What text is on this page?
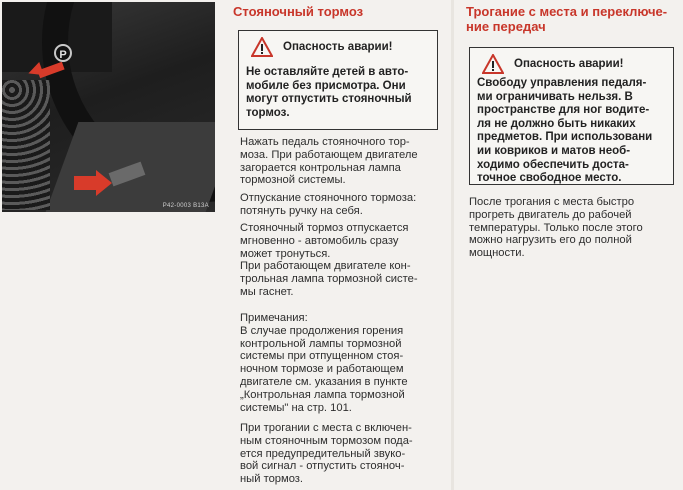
P
P42-0003 B13A
Стояночный тормоз
Опасность аварии!
Не оставляйте детей в авто-
мобиле без присмотра. Они
могут отпустить стояночный
тормоз.

Нажать педаль стояночного тор-

моза. При работающем двигателе

загорается контрольная лампа

тормозной системы.

Отпускание стояночного тормоза:

потянуть ручку на себя.

Стояночный тормоз отпускается

мгновенно - автомобиль сразу

может тронуться.

При работающем двигателе кон-

трольная лампа тормозной систе-

мы гаснет.

Примечания:

В случае продолжения горения

контрольной лампы тормозной

системы при отпущенном стоя-

ночном тормозе и работающем

двигателе см. указания в пункте

„Контрольная лампа тормозной

системы" на стр. 101.

При трогании с места с включен-

ным стояночным тормозом пода-

ется предупредительный звуко-

вой сигнал - отпустить стояноч-

ный тормоз.

Трогание с места и переключе-
ние передач
Опасность аварии!
Свободу управления педаля-
ми ограничивать нельзя. В
пространстве для ног водите-
ля не должно быть никаких
предметов. При использовани
ии ковриков и матов необ-
ходимо обеспечить доста-
точное свободное место.

После трогания с места быстро

прогреть двигатель до рабочей

температуры. Только после этого

можно нагрузить его до полной

мощности.
